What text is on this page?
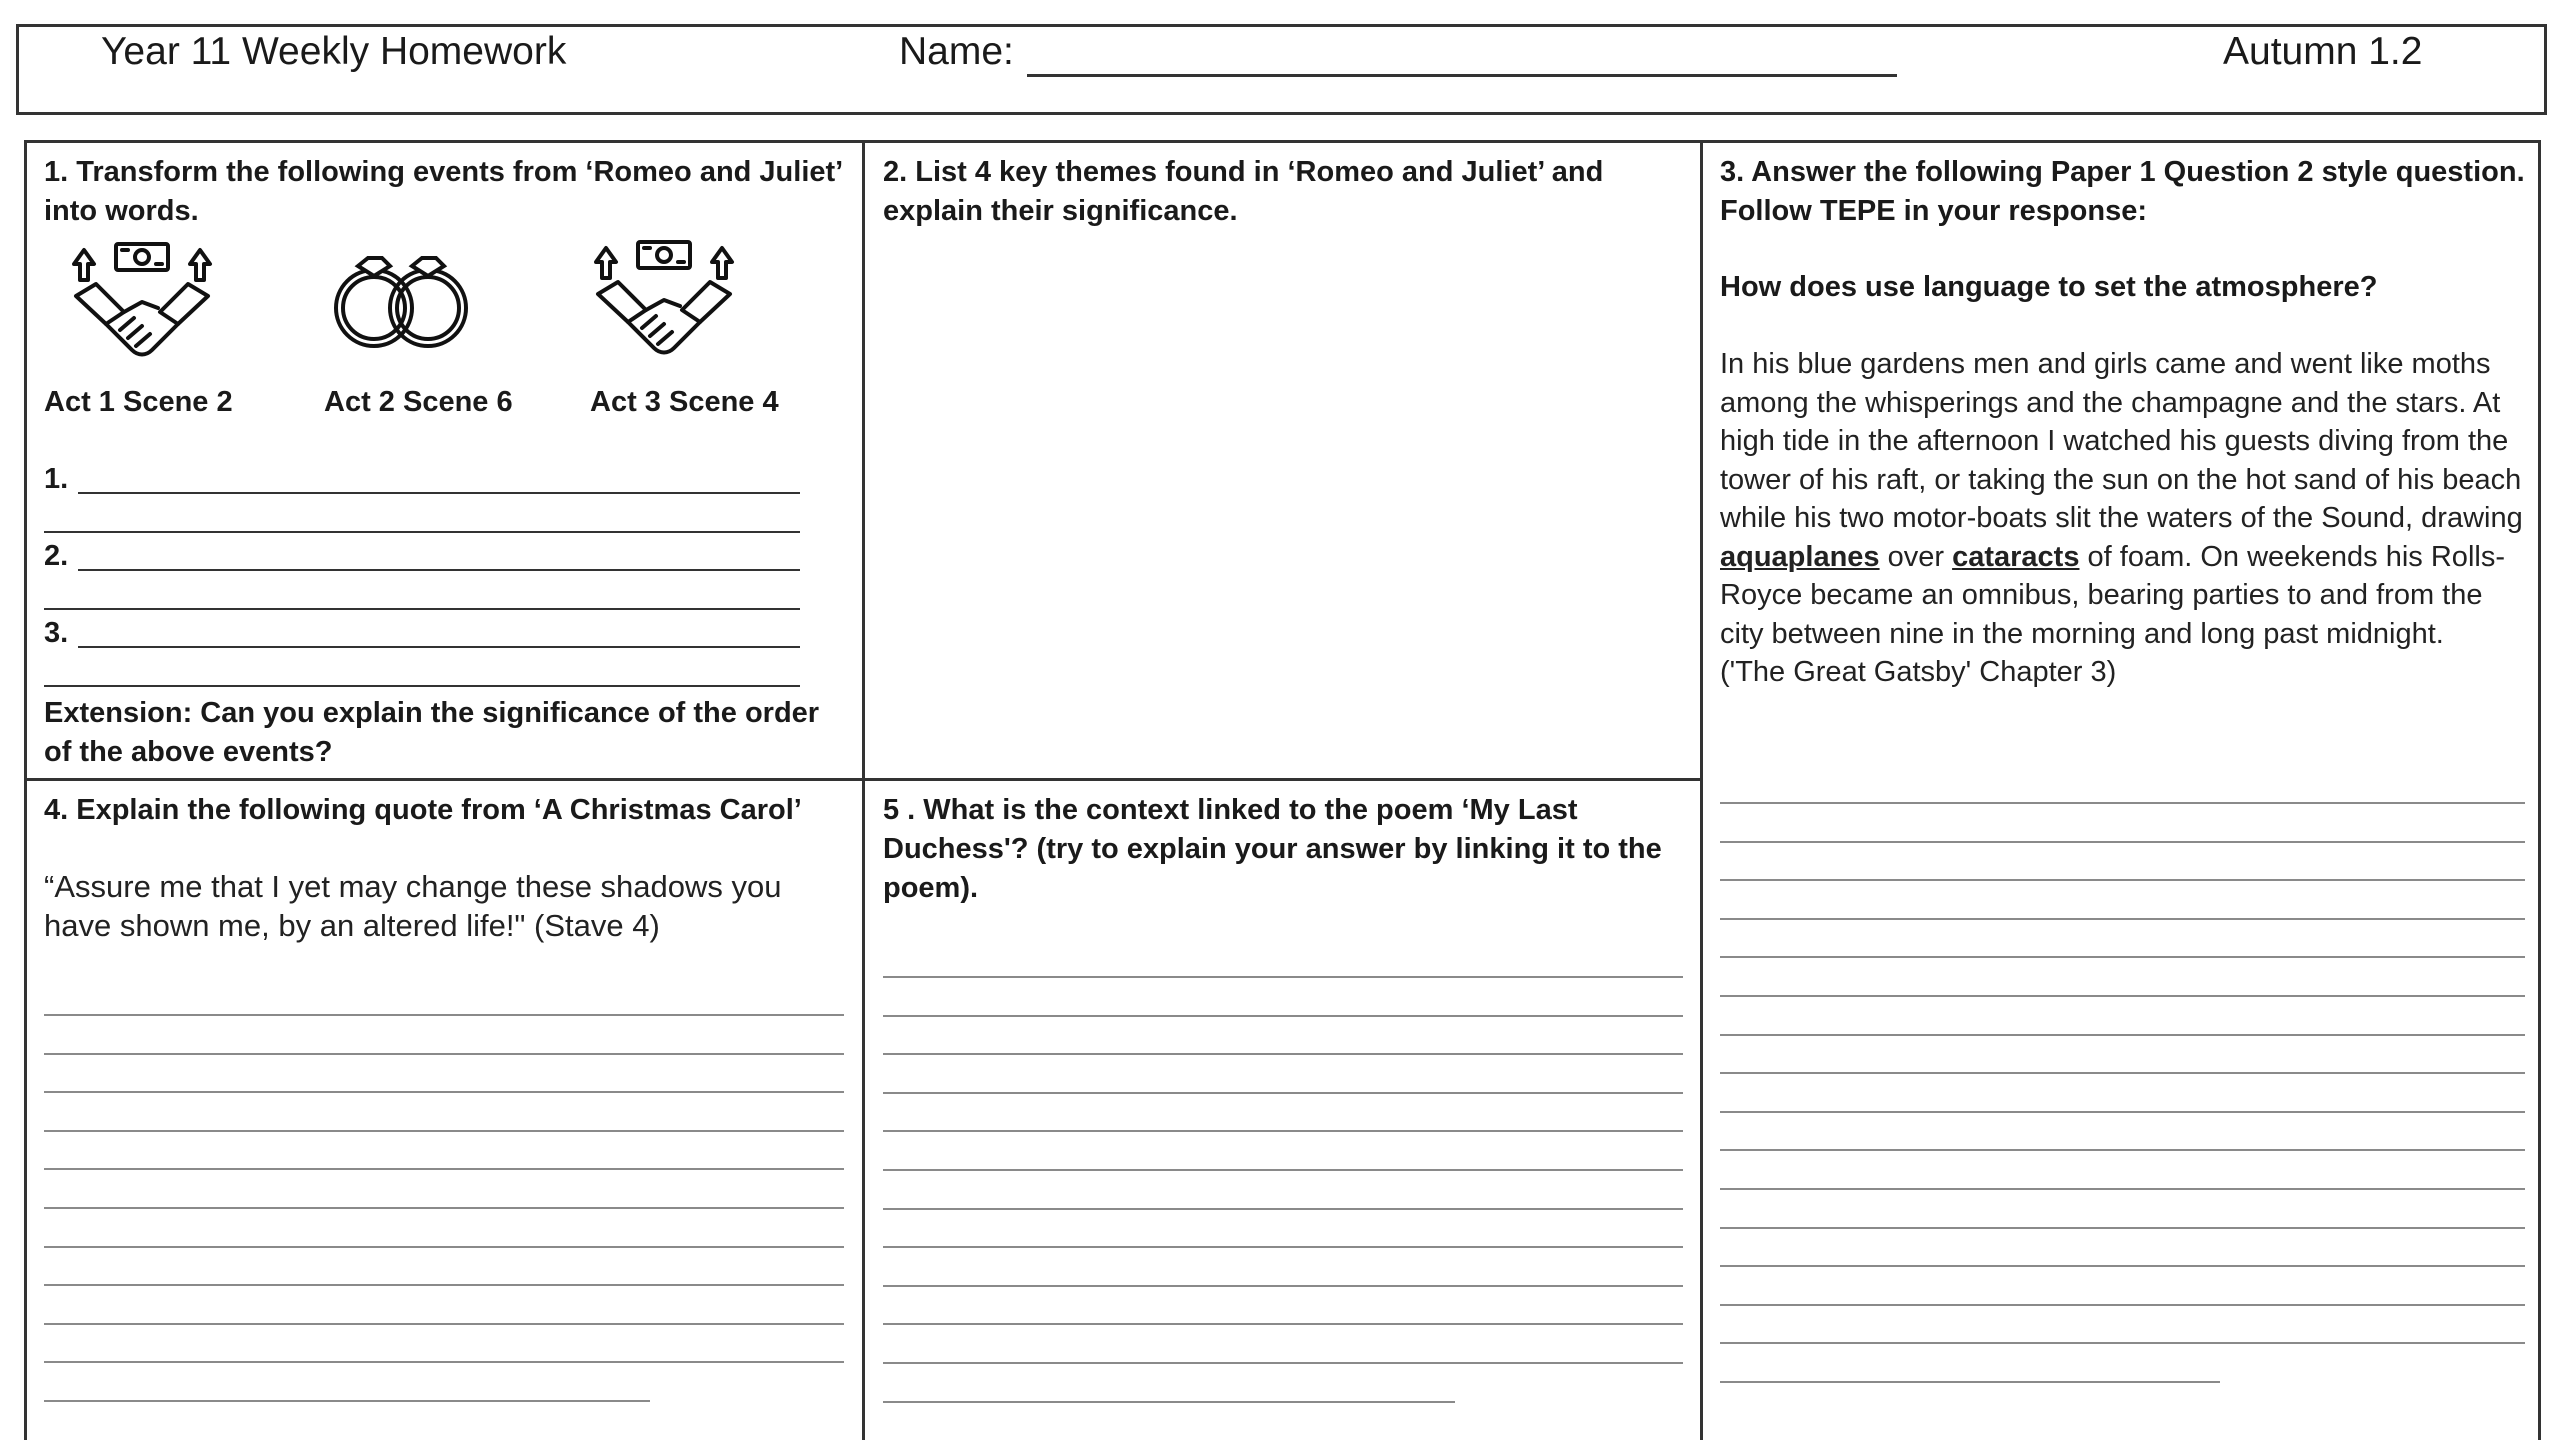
Year 11 Weekly Homework	Name:	Autumn 1.2

1. Transform the following events from ‘Romeo and Juliet’ into words.

Act 1 Scene 2	Act 2 Scene 6	Act 3 Scene 4
1.
2.
3.

Extension: Can you explain the significance of the order of the above events?

2. List 4 key themes found in ‘Romeo and Juliet’ and explain their significance.

3. Answer the following Paper 1 Question 2 style question. Follow TEPE in your response:

How does use language to set the atmosphere?

In his blue gardens men and girls came and went like moths among the whisperings and the champagne and the stars. At high tide in the afternoon I watched his guests diving from the tower of his raft, or taking the sun on the hot sand of his beach while his two motor-boats slit the waters of the Sound, drawing aquaplanes over cataracts of foam. On weekends his Rolls-Royce became an omnibus, bearing parties to and from the city between nine in the morning and long past midnight.
('The Great Gatsby' Chapter 3)

4. Explain the following quote from ‘A Christmas Carol’

“Assure me that I yet may change these shadows you have shown me, by an altered life!" (Stave 4)

5 . What is the context linked to the poem ‘My Last Duchess'? (try to explain your answer by linking it to the poem).
